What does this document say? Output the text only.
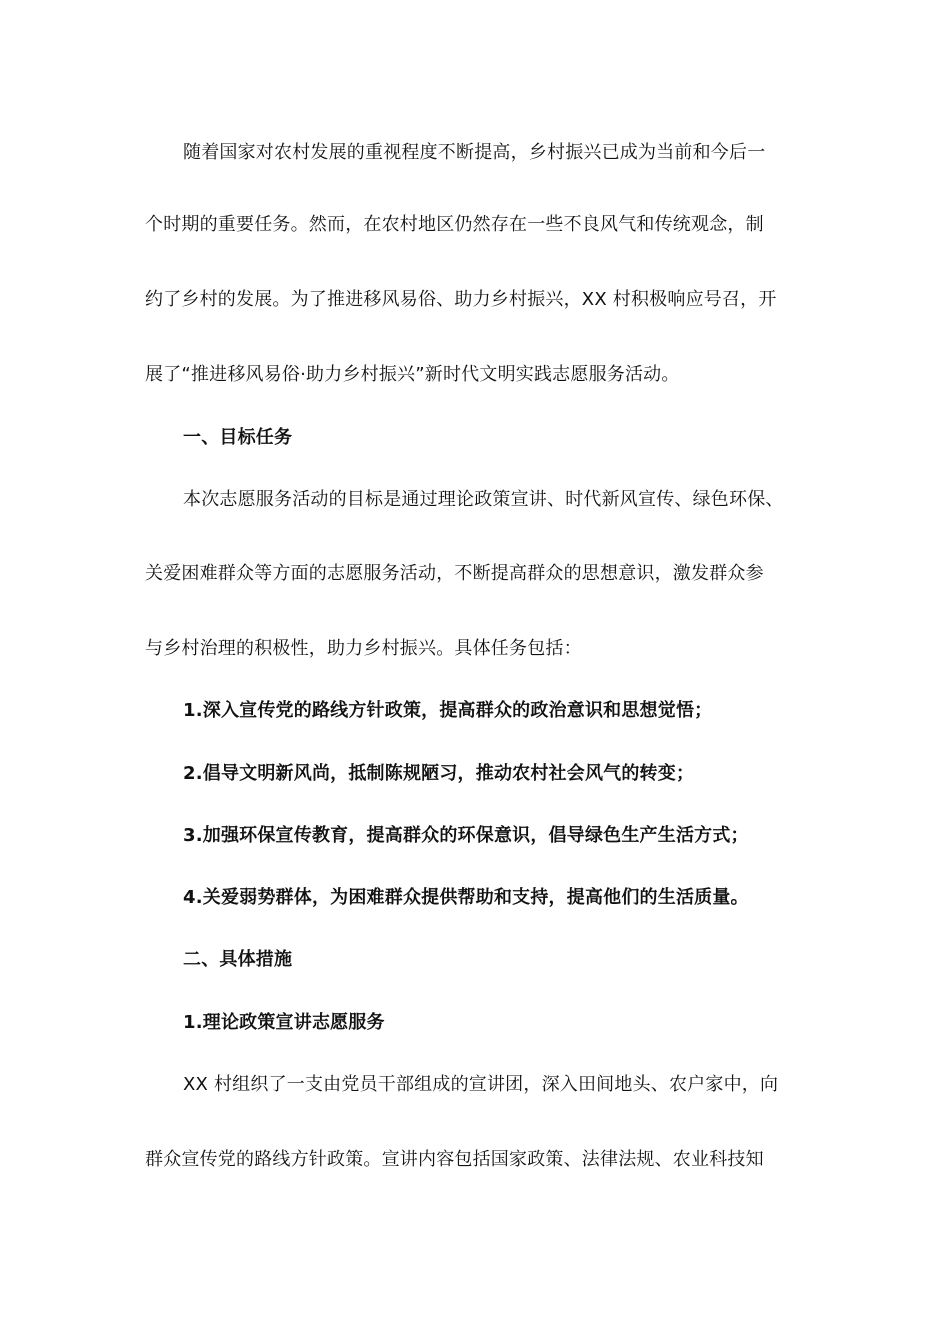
随着国家对农村发展的重视程度不断提高，乡村振兴已成为当前和今后一
个时期的重要任务。然而，在农村地区仍然存在一些不良风气和传统观念，制
约了乡村的发展。为了推进移风易俗、助力乡村振兴，XX 村积极响应号召，开
展了“推进移风易俗·助力乡村振兴”新时代文明实践志愿服务活动。
一、目标任务
本次志愿服务活动的目标是通过理论政策宣讲、时代新风宣传、绿色环保、
关爱困难群众等方面的志愿服务活动，不断提高群众的思想意识，激发群众参
与乡村治理的积极性，助力乡村振兴。具体任务包括：
1.深入宣传党的路线方针政策，提高群众的政治意识和思想觉悟；
2.倡导文明新风尚，抵制陈规陋习，推动农村社会风气的转变；
3.加强环保宣传教育，提高群众的环保意识，倡导绿色生产生活方式；
4.关爱弱势群体，为困难群众提供帮助和支持，提高他们的生活质量。
二、具体措施
1.理论政策宣讲志愿服务
XX 村组织了一支由党员干部组成的宣讲团，深入田间地头、农户家中，向
群众宣传党的路线方针政策。宣讲内容包括国家政策、法律法规、农业科技知
